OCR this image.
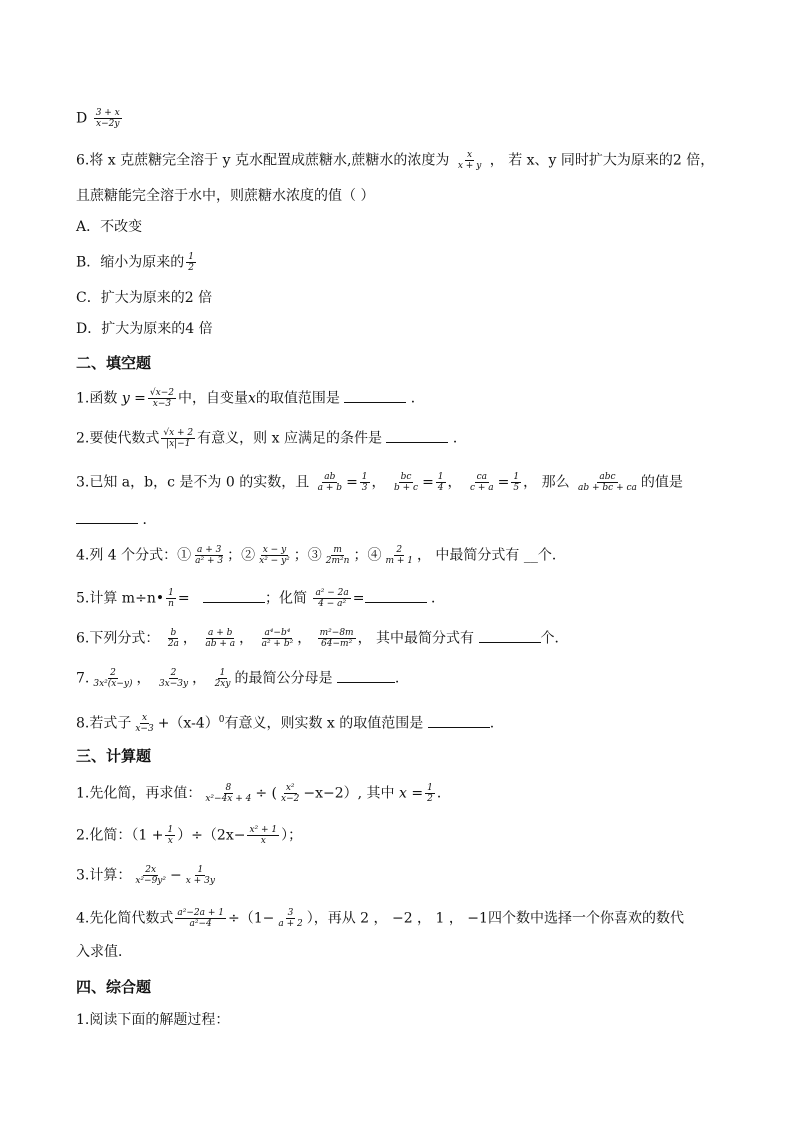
D $\frac{3 + x}{x-2y}$
6.将 x 克蔗糖完全溶于 y 克水配置成蔗糖水,蔗糖水的浓度为 $\frac{x}{x + y}$ ， 若 x、y 同时扩大为原来的2 倍，
且蔗糖能完全溶于水中，则蔗糖水浓度的值（ ）
A．不改变
B．缩小为原来的 $\frac{1}{2}$
C．扩大为原来的2 倍
D．扩大为原来的4 倍
二、填空题
1.函数 $y = \frac{√x-2}{x-3}$ 中，自变量x的取值范围是	．
2.要使代数式 $\frac{√x + 2}{|x|-1}$ 有意义，则 x 应满足的条件是	．
3.已知 a，b，c 是不为 0 的实数，且 $\frac{ab}{a + b} = \frac{1}{3}$ ， $\frac{bc}{b + c} = \frac{1}{4}$ ， $\frac{ca}{c + a} = \frac{1}{5}$ ， 那么 $\frac{\text{abc}}{ab + bc + ca}$ 的值是
．
4.列 4 个分式：① $\frac{a + 3}{\text{a² + 3}}$ ；② $\frac{x - y}{\text{x² − y²}}$ ；③ $\frac{m}{\text{2m²n}}$ ；④ $\frac{2}{m + 1}$ ， 中最简分式有 __个．
5.计算 m÷n• $\frac{1}{n}$ =	；化简 $\frac{\text{a² − 2a}}{\text{4 − a²}}$ =	．
6.下列分式： $\frac{b}{2a}$ ， $\frac{a + b}{ab + a}$ ， $\frac{\text{a⁴−b⁴}}{\text{a² + b²}}$ ， $\frac{\text{m²−8m}}{\text{64−m²}}$ ， 其中最简分式有	个．
7. $\frac{2}{\text{3x²(x−y)}}$ ， $\frac{2}{3x-3y}$ ， $\frac{1}{2xy}$ 的最简公分母是	.
8.若式子 $\frac{x}{x-3} +(x-4)^0$有意义，则实数 x 的取值范围是	.
三、计算题
1.先化简，再求值： $\frac{8}{\text{x²−4x + 4}}$ ÷ ( $\frac{\text{x²}}{x-2} -x-2$）, 其中 $x = \frac{1}{2}$ ．
2.化简：$(1 + \frac{1}{x} )\div(2x- \frac{\text{x² + 1}}{x}$ ）；
3.计算： $\frac{2x}{\text{x²−9y²}} - \frac{1}{x + 3y}$
4.先化简代数式 $\frac{\text{a²−2a + 1}}{\text{a²−4}} \div(1- \frac{3}{a + 2}$ ），再从 2 ， −2 ， 1 ， −1四个数中选择一个你喜欢的数代
入求值．
四、综合题
1.阅读下面的解题过程：
